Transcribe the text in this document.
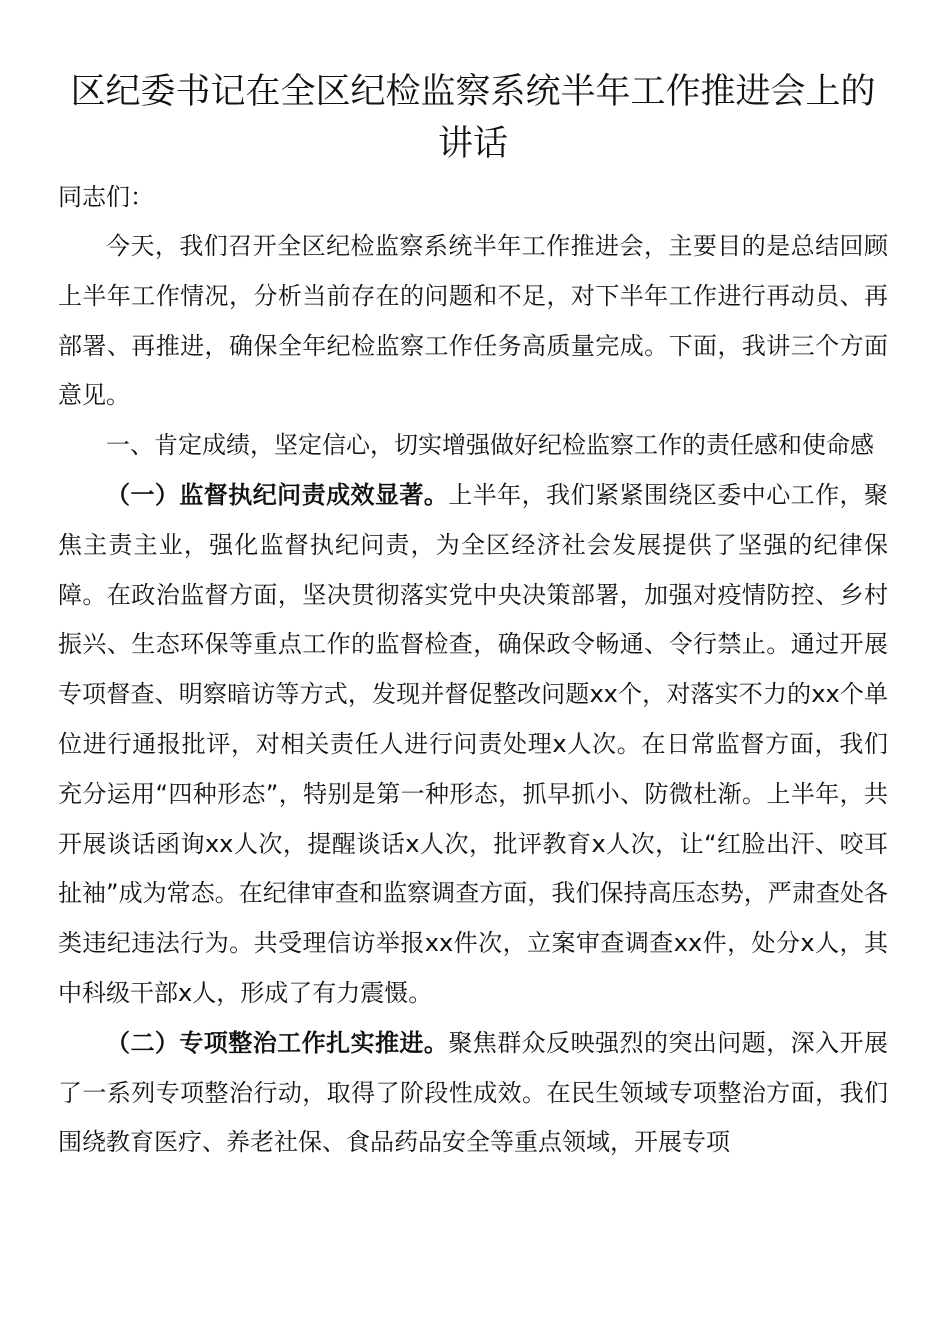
区纪委书记在全区纪检监察系统半年工作推进会上的讲话

同志们：

今天，我们召开全区纪检监察系统半年工作推进会，主要目的是总结回顾上半年工作情况，分析当前存在的问题和不足，对下半年工作进行再动员、再部署、再推进，确保全年纪检监察工作任务高质量完成。下面，我讲三个方面意见。

一、肯定成绩，坚定信心，切实增强做好纪检监察工作的责任感和使命感

（一）监督执纪问责成效显著。上半年，我们紧紧围绕区委中心工作，聚焦主责主业，强化监督执纪问责，为全区经济社会发展提供了坚强的纪律保障。在政治监督方面，坚决贯彻落实党中央决策部署，加强对疫情防控、乡村振兴、生态环保等重点工作的监督检查，确保政令畅通、令行禁止。通过开展专项督查、明察暗访等方式，发现并督促整改问题xx个，对落实不力的xx个单位进行通报批评，对相关责任人进行问责处理x人次。在日常监督方面，我们充分运用“四种形态”，特别是第一种形态，抓早抓小、防微杜渐。上半年，共开展谈话函询xx人次，提醒谈话x人次，批评教育x人次，让“红脸出汗、咬耳扯袖”成为常态。在纪律审查和监察调查方面，我们保持高压态势，严肃查处各类违纪违法行为。共受理信访举报xx件次，立案审查调查xx件，处分x人，其中科级干部x人，形成了有力震慑。

（二）专项整治工作扎实推进。聚焦群众反映强烈的突出问题，深入开展了一系列专项整治行动，取得了阶段性成效。在民生领域专项整治方面，我们围绕教育医疗、养老社保、食品药品安全等重点领域，开展专项
